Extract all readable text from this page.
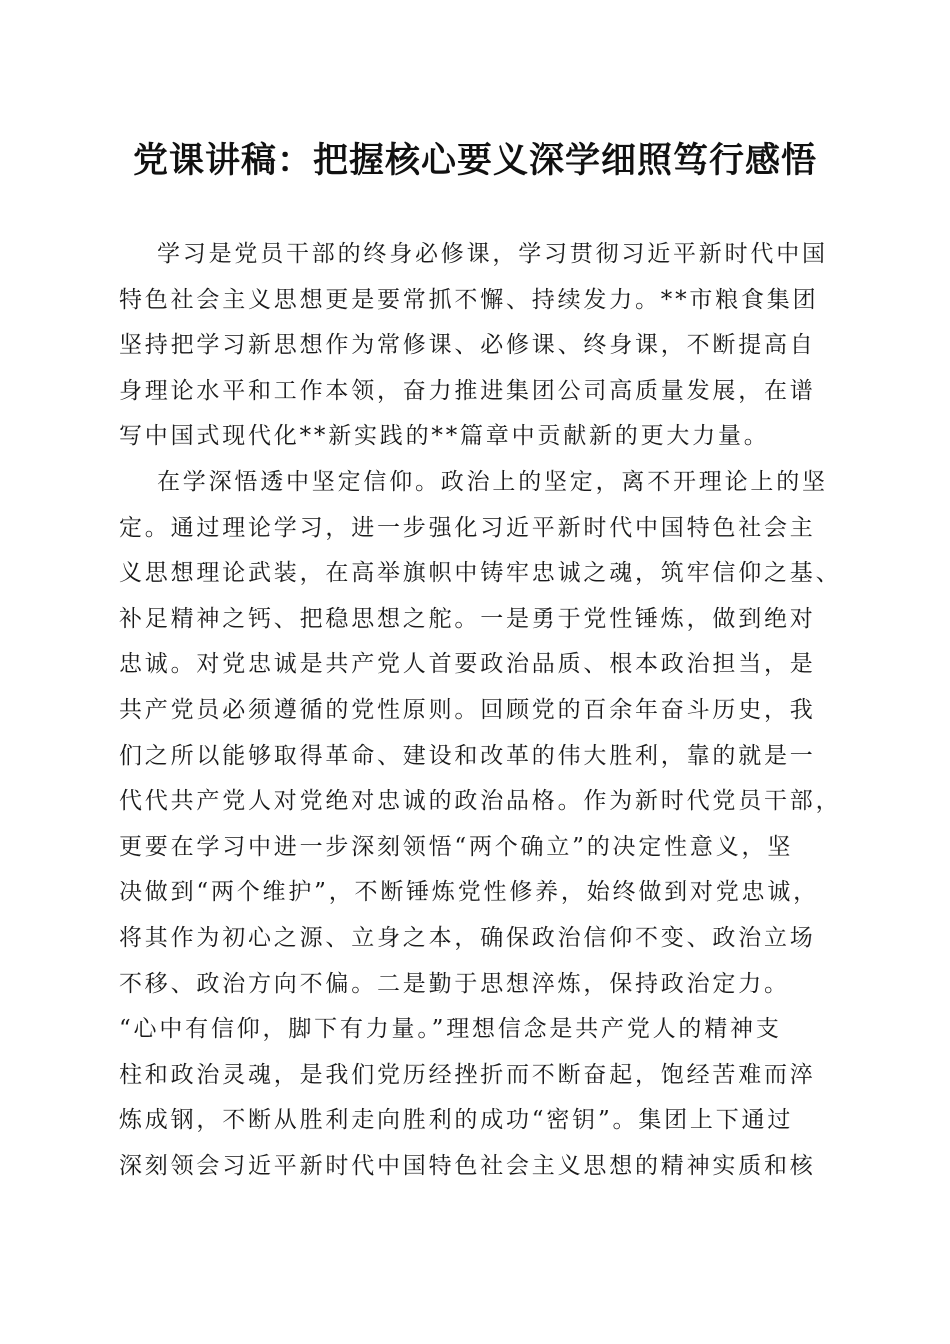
党课讲稿：把握核心要义深学细照笃行感悟
学习是党员干部的终身必修课，学习贯彻习近平新时代中国
特色社会主义思想更是要常抓不懈、持续发力。**市粮食集团
坚持把学习新思想作为常修课、必修课、终身课，不断提高自
身理论水平和工作本领，奋力推进集团公司高质量发展，在谱
写中国式现代化**新实践的**篇章中贡献新的更大力量。
在学深悟透中坚定信仰。政治上的坚定，离不开理论上的坚
定。通过理论学习，进一步强化习近平新时代中国特色社会主
义思想理论武装，在高举旗帜中铸牢忠诚之魂，筑牢信仰之基、
补足精神之钙、把稳思想之舵。一是勇于党性锤炼，做到绝对
忠诚。对党忠诚是共产党人首要政治品质、根本政治担当，是
共产党员必须遵循的党性原则。回顾党的百余年奋斗历史，我
们之所以能够取得革命、建设和改革的伟大胜利，靠的就是一
代代共产党人对党绝对忠诚的政治品格。作为新时代党员干部，
更要在学习中进一步深刻领悟“两个确立”的决定性意义，坚
决做到“两个维护”，不断锤炼党性修养，始终做到对党忠诚，
将其作为初心之源、立身之本，确保政治信仰不变、政治立场
不移、政治方向不偏。二是勤于思想淬炼，保持政治定力。
“心中有信仰，脚下有力量。”理想信念是共产党人的精神支
柱和政治灵魂，是我们党历经挫折而不断奋起，饱经苦难而淬
炼成钢，不断从胜利走向胜利的成功“密钥”。集团上下通过
深刻领会习近平新时代中国特色社会主义思想的精神实质和核
